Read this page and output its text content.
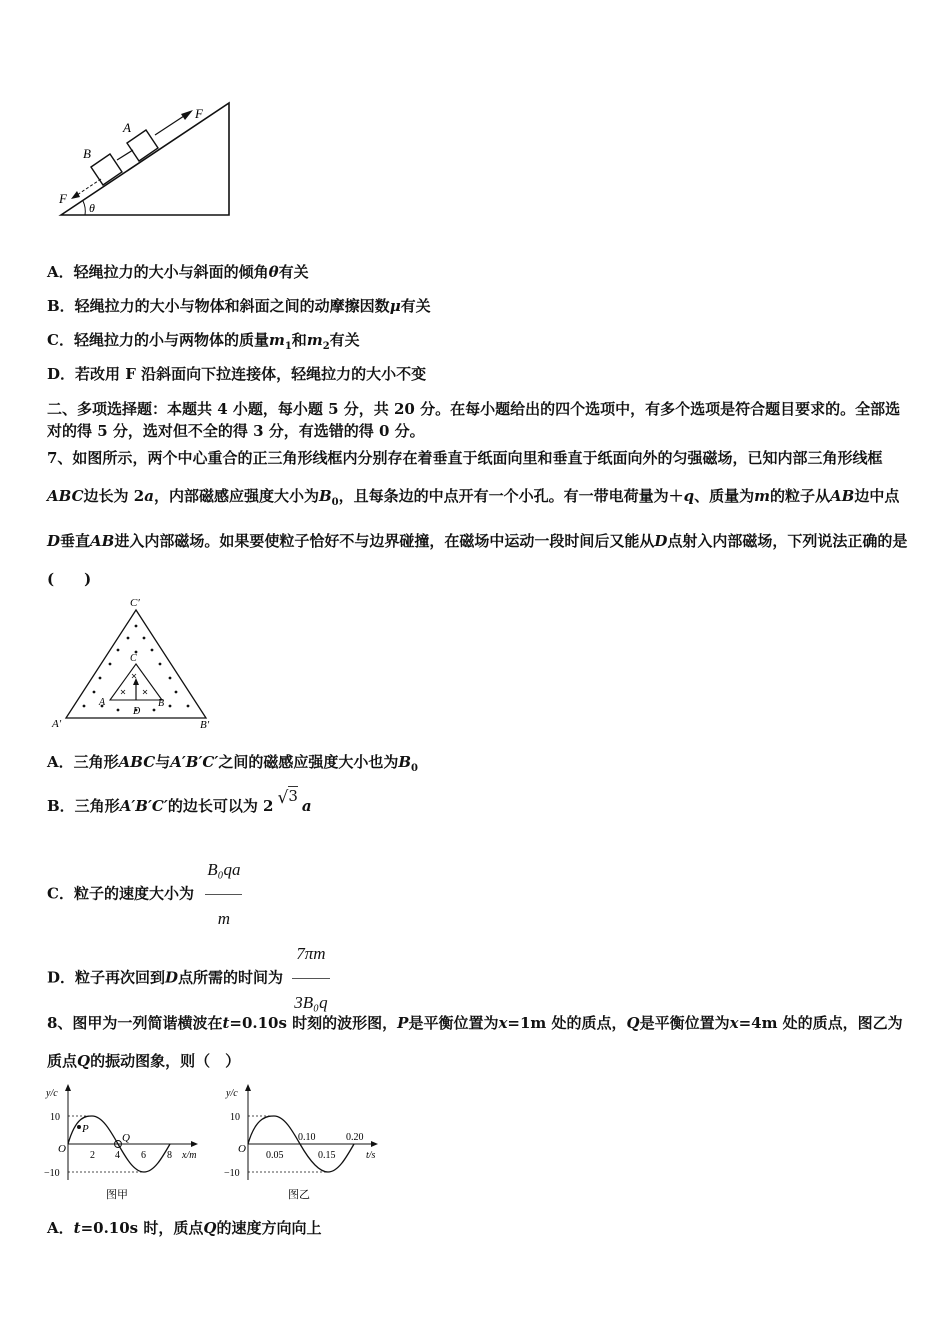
A
B
F
F
θ
A．轻绳拉力的大小与斜面的倾角θ有关
B．轻绳拉力的大小与物体和斜面之间的动摩擦因数μ有关
C．轻绳拉力的小与两物体的质量$m_1$和$m_2$有关
D．若改用 F 沿斜面向下拉连接体，轻绳拉力的大小不变
二、多项选择题：本题共 4 小题，每小题 5 分，共 20 分。在每小题给出的四个选项中，有多个选项是符合题目要求的。全部选对的得 5 分，选对但不全的得 3 分，有选错的得 0 分。
7、如图所示，两个中心重合的正三角形线框内分别存在着垂直于纸面向里和垂直于纸面向外的匀强磁场，已知内部三角形线框ABC边长为 2a，内部磁感应强度大小为$B_0$，且每条边的中点开有一个小孔。有一带电荷量为＋q、质量为m的粒子从AB边中点D垂直AB进入内部磁场。如果要使粒子恰好不与边界碰撞，在磁场中运动一段时间后又能从D点射入内部磁场，下列说法正确的是(　　)
C′
A′	B′
C
A	B
D
A．三角形ABC与A′B′C′之间的磁感应强度大小也为$B_0$
B．三角形A′B′C′的边长可以为 2 √3a
C．粒子的速度大小为 $\frac{\text{B₀qa}}{m}$
D．粒子再次回到D点所需的时间为 $\frac{7\pi m}{\text{3B₀q}}$
8、图甲为一列简谐横波在t=0.10s 时刻的波形图，P是平衡位置为x=1m 处的质点，Q是平衡位置为x=4m 处的质点，图乙为质点Q的振动图象，则（　）
y/c
10
−10
O
P
Q
2 4 6 8 x/m
图甲
y/c
10
−10
O
0.10	0.20
0.05	0.15	t/s
图乙
A．t=0.10s 时，质点Q的速度方向向上
